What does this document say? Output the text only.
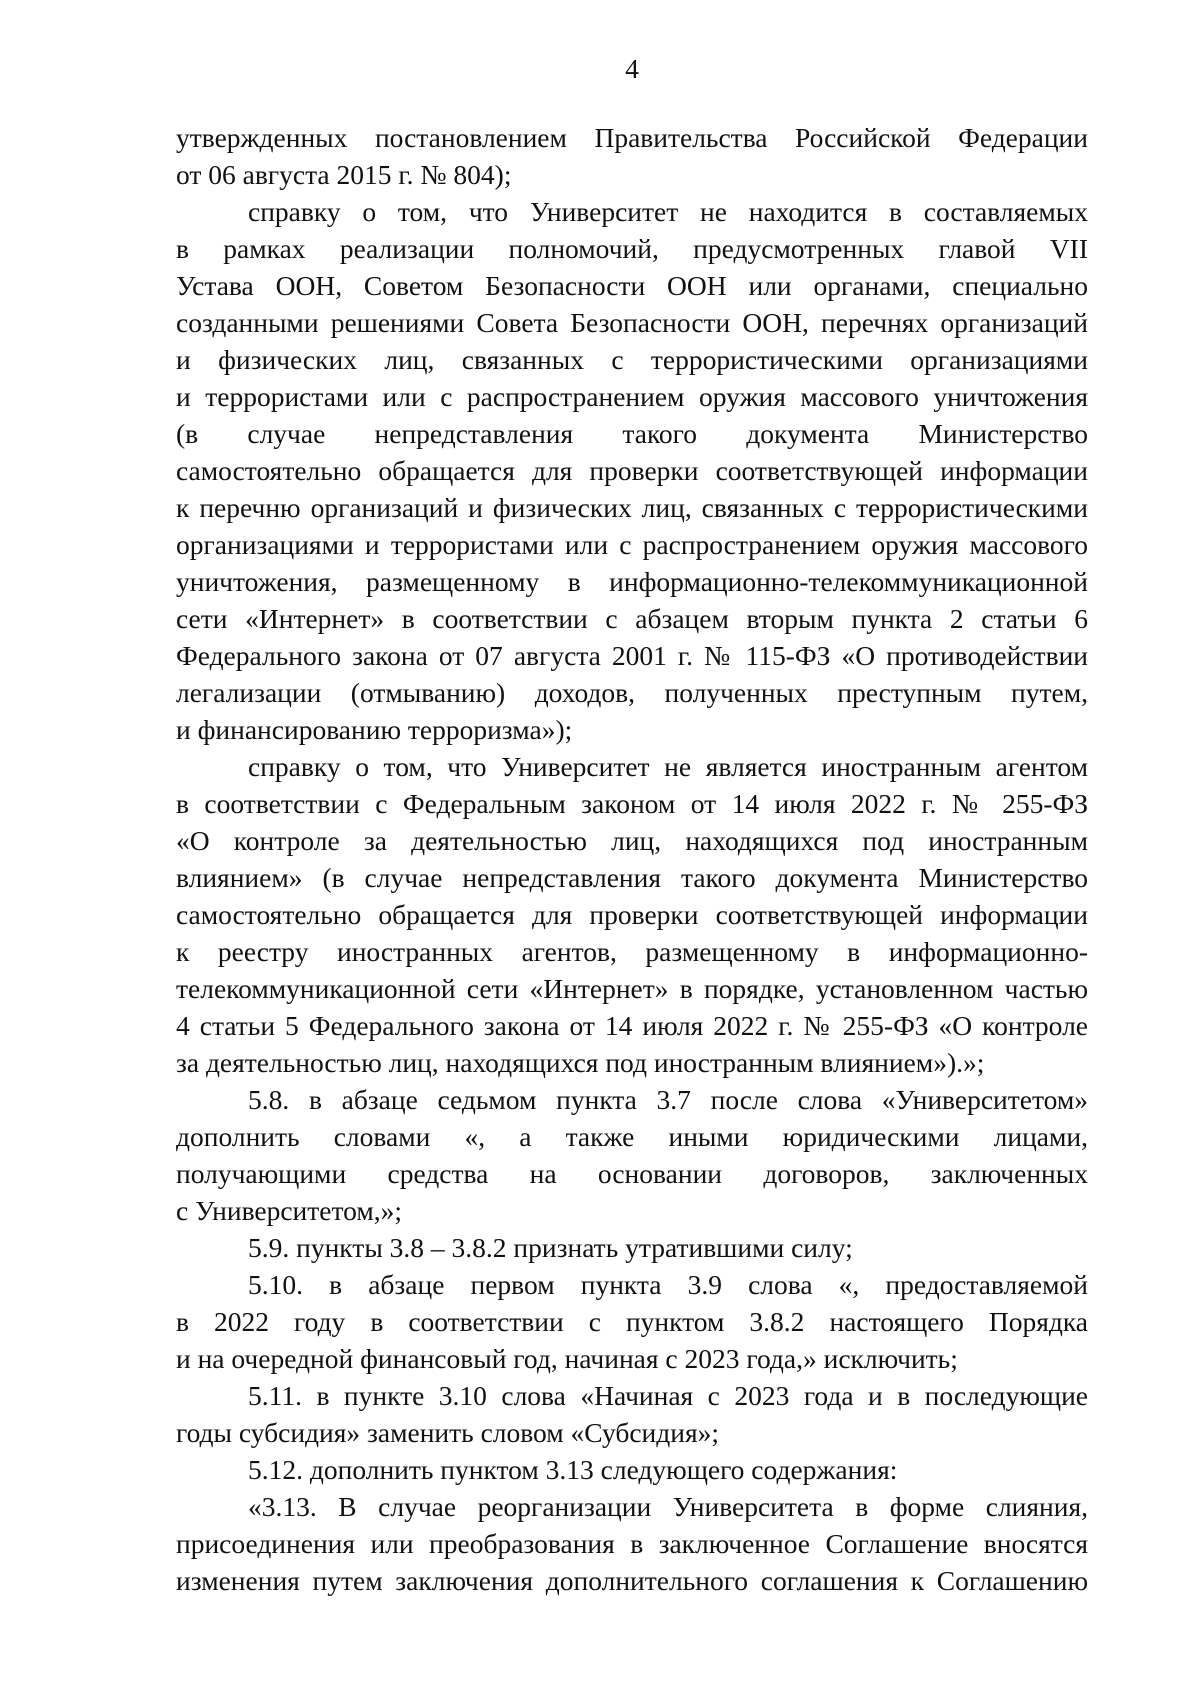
4
утвержденных постановлением Правительства Российской Федерации
от 06 августа 2015 г. № 804);
справку о том, что Университет не находится в составляемых
в рамках реализации полномочий, предусмотренных главой VII
Устава ООН, Советом Безопасности ООН или органами, специально
созданными решениями Совета Безопасности ООН, перечнях организаций
и физических лиц, связанных с террористическими организациями
и террористами или с распространением оружия массового уничтожения
(в случае непредставления такого документа Министерство
самостоятельно обращается для проверки соответствующей информации
к перечню организаций и физических лиц, связанных с террористическими
организациями и террористами или с распространением оружия массового
уничтожения, размещенному в информационно-телекоммуникационной
сети «Интернет» в соответствии с абзацем вторым пункта 2 статьи 6
Федерального закона от 07 августа 2001 г. № 115-ФЗ «О противодействии
легализации (отмыванию) доходов, полученных преступным путем,
и финансированию терроризма»);
справку о том, что Университет не является иностранным агентом
в соответствии с Федеральным законом от 14 июля 2022 г. № 255-ФЗ
«О контроле за деятельностью лиц, находящихся под иностранным
влиянием» (в случае непредставления такого документа Министерство
самостоятельно обращается для проверки соответствующей информации
к реестру иностранных агентов, размещенному в информационно-
телекоммуникационной сети «Интернет» в порядке, установленном частью
4 статьи 5 Федерального закона от 14 июля 2022 г. № 255-ФЗ «О контроле
за деятельностью лиц, находящихся под иностранным влиянием»).»;
5.8. в абзаце седьмом пункта 3.7 после слова «Университетом»
дополнить словами «, а также иными юридическими лицами,
получающими средства на основании договоров, заключенных
с Университетом,»;
5.9. пункты 3.8 – 3.8.2 признать утратившими силу;
5.10. в абзаце первом пункта 3.9 слова «, предоставляемой
в 2022 году в соответствии с пунктом 3.8.2 настоящего Порядка
и на очередной финансовый год, начиная с 2023 года,» исключить;
5.11. в пункте 3.10 слова «Начиная с 2023 года и в последующие
годы субсидия» заменить словом «Субсидия»;
5.12. дополнить пунктом 3.13 следующего содержания:
«3.13. В случае реорганизации Университета в форме слияния,
присоединения или преобразования в заключенное Соглашение вносятся
изменения путем заключения дополнительного соглашения к Соглашению
